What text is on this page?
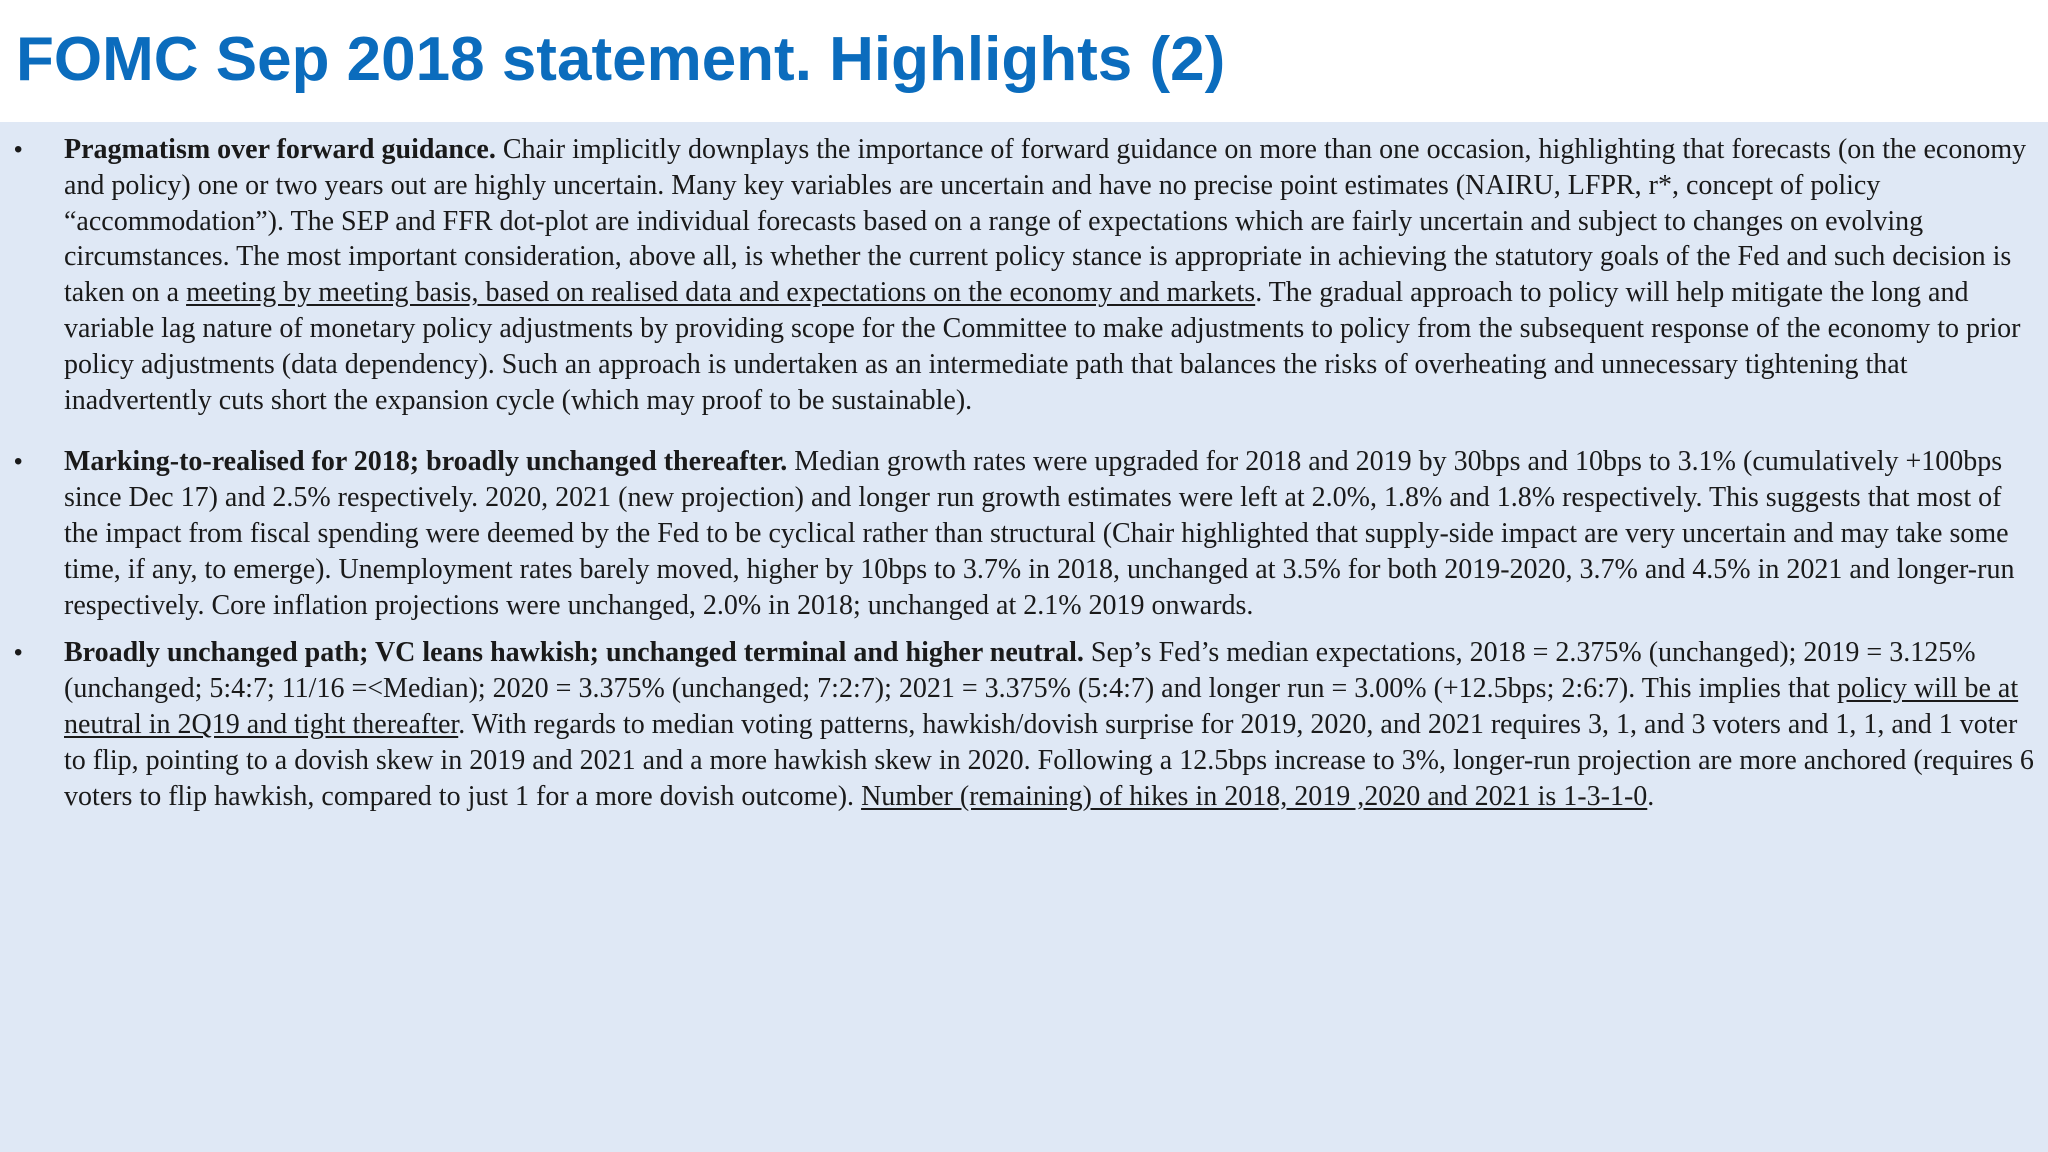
FOMC Sep 2018 statement. Highlights (2)
• Pragmatism over forward guidance. Chair implicitly downplays the importance of forward guidance on more than one occasion, highlighting that forecasts (on the economy and policy) one or two years out are highly uncertain. Many key variables are uncertain and have no precise point estimates (NAIRU, LFPR, r*, concept of policy “accommodation”). The SEP and FFR dot-plot are individual forecasts based on a range of expectations which are fairly uncertain and subject to changes on evolving circumstances. The most important consideration, above all, is whether the current policy stance is appropriate in achieving the statutory goals of the Fed and such decision is taken on a meeting by meeting basis, based on realised data and expectations on the economy and markets. The gradual approach to policy will help mitigate the long and variable lag nature of monetary policy adjustments by providing scope for the Committee to make adjustments to policy from the subsequent response of the economy to prior policy adjustments (data dependency). Such an approach is undertaken as an intermediate path that balances the risks of overheating and unnecessary tightening that inadvertently cuts short the expansion cycle (which may proof to be sustainable).
• Marking-to-realised for 2018; broadly unchanged thereafter. Median growth rates were upgraded for 2018 and 2019 by 30bps and 10bps to 3.1% (cumulatively +100bps since Dec 17) and 2.5% respectively. 2020, 2021 (new projection) and longer run growth estimates were left at 2.0%, 1.8% and 1.8% respectively. This suggests that most of the impact from fiscal spending were deemed by the Fed to be cyclical rather than structural (Chair highlighted that supply-side impact are very uncertain and may take some time, if any, to emerge). Unemployment rates barely moved, higher by 10bps to 3.7% in 2018, unchanged at 3.5% for both 2019-2020, 3.7% and 4.5% in 2021 and longer-run respectively. Core inflation projections were unchanged, 2.0% in 2018; unchanged at 2.1% 2019 onwards.
• Broadly unchanged path; VC leans hawkish; unchanged terminal and higher neutral. Sep’s Fed’s median expectations, 2018 = 2.375% (unchanged); 2019 = 3.125% (unchanged; 5:4:7; 11/16 =<Median); 2020 = 3.375% (unchanged; 7:2:7); 2021 = 3.375% (5:4:7) and longer run = 3.00% (+12.5bps; 2:6:7). This implies that policy will be at neutral in 2Q19 and tight thereafter. With regards to median voting patterns, hawkish/dovish surprise for 2019, 2020, and 2021 requires 3, 1, and 3 voters and 1, 1, and 1 voter to flip, pointing to a dovish skew in 2019 and 2021 and a more hawkish skew in 2020. Following a 12.5bps increase to 3%, longer-run projection are more anchored (requires 6 voters to flip hawkish, compared to just 1 for a more dovish outcome). Number (remaining) of hikes in 2018, 2019 ,2020 and 2021 is 1-3-1-0.
